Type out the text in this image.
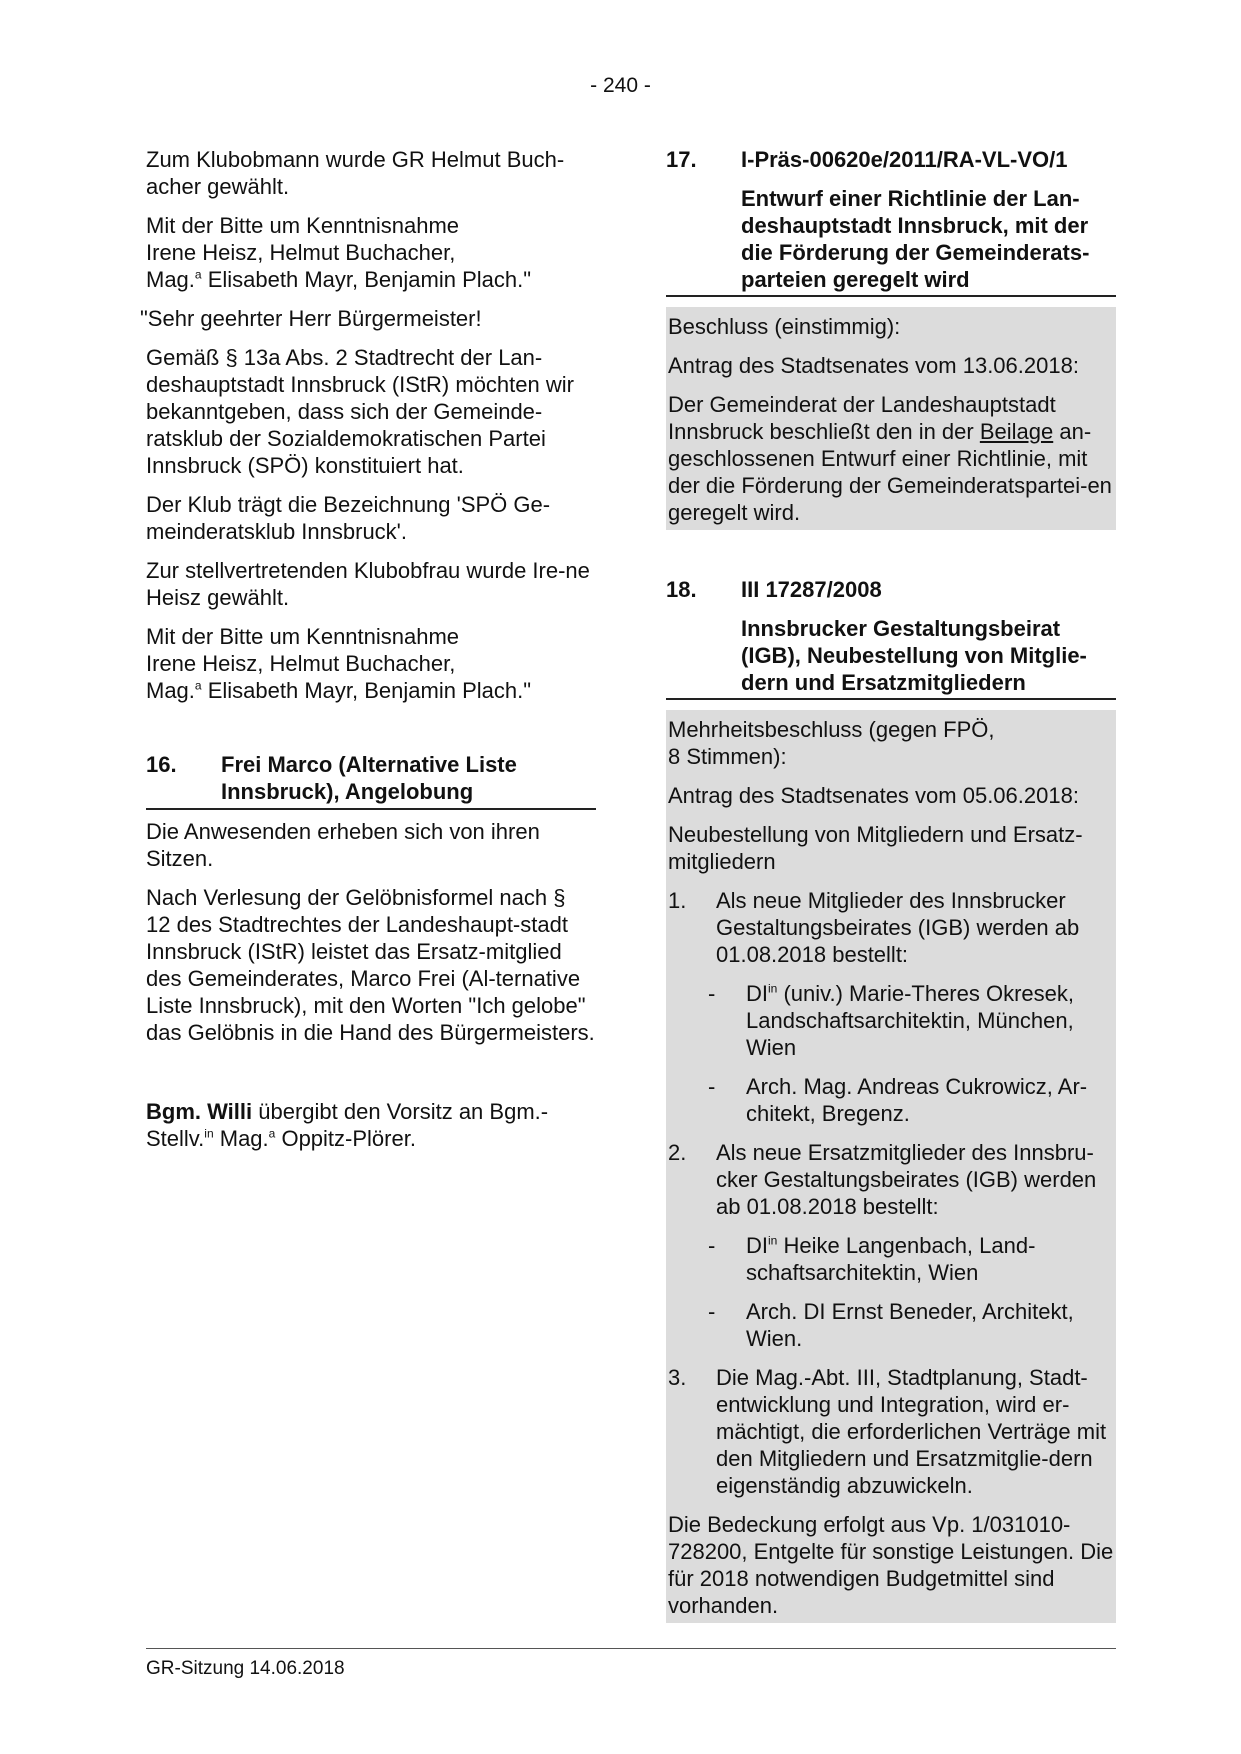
- 240 -

Zum Klubobmann wurde GR Helmut Buch-acher gewählt.

Mit der Bitte um Kenntnisnahme
Irene Heisz, Helmut Buchacher,
Mag.$^a$ Elisabeth Mayr, Benjamin Plach."

"Sehr geehrter Herr Bürgermeister!

Gemäß § 13a Abs. 2 Stadtrecht der Lan-deshauptstadt Innsbruck (IStR) möchten wir bekanntgeben, dass sich der Gemeinde-ratsklub der Sozialdemokratischen Partei Innsbruck (SPÖ) konstituiert hat.

Der Klub trägt die Bezeichnung 'SPÖ Ge-meinderatsklub Innsbruck'.

Zur stellvertretenden Klubobfrau wurde Ire-ne Heisz gewählt.

Mit der Bitte um Kenntnisnahme
Irene Heisz, Helmut Buchacher,
Mag.$^a$ Elisabeth Mayr, Benjamin Plach."
16.	Frei Marco (Alternative Liste Innsbruck), Angelobung

Die Anwesenden erheben sich von ihren Sitzen.

Nach Verlesung der Gelöbnisformel nach § 12 des Stadtrechtes der Landeshaupt-stadt Innsbruck (IStR) leistet das Ersatz-mitglied des Gemeinderates, Marco Frei (Al-ternative Liste Innsbruck), mit den Worten "Ich gelobe" das Gelöbnis in die Hand des Bürgermeisters.

Bgm. Willi übergibt den Vorsitz an Bgm.-Stellv.$^{in}$ Mag.$^a$ Oppitz-Plörer.

17.	I-Präs-00620e/2011/RA-VL-VO/1
Entwurf einer Richtlinie der Lan-deshauptstadt Innsbruck, mit der die Förderung der Gemeinderats-parteien geregelt wird

Beschluss (einstimmig):

Antrag des Stadtsenates vom 13.06.2018:

Der Gemeinderat der Landeshauptstadt Innsbruck beschließt den in der Beilage an-geschlossenen Entwurf einer Richtlinie, mit der die Förderung der Gemeinderatspartei-en geregelt wird.

18.	III 17287/2008
Innsbrucker Gestaltungsbeirat (IGB), Neubestellung von Mitglie-dern und Ersatzmitgliedern
Mehrheitsbeschluss (gegen FPÖ,
8 Stimmen):

Antrag des Stadtsenates vom 05.06.2018:

Neubestellung von Mitgliedern und Ersatz-mitgliedern

1.	Als neue Mitglieder des Innsbrucker Gestaltungsbeirates (IGB) werden ab 01.08.2018 bestellt:
-	$DI^{in}$ (univ.) Marie-Theres Okresek, Landschaftsarchitektin, München, Wien
-	Arch. Mag. Andreas Cukrowicz, Ar-chitekt, Bregenz.
2.	Als neue Ersatzmitglieder des Innsbru-cker Gestaltungsbeirates (IGB) werden ab 01.08.2018 bestellt:
-	$DI^{in}$ Heike Langenbach, Land-schaftsarchitektin, Wien
-	Arch. DI Ernst Beneder, Architekt, Wien.
3.	Die Mag.-Abt. III, Stadtplanung, Stadt-entwicklung und Integration, wird er-mächtigt, die erforderlichen Verträge mit den Mitgliedern und Ersatzmitglie-dern eigenständig abzuwickeln.

Die Bedeckung erfolgt aus Vp. 1/031010-728200, Entgelte für sonstige Leistungen. Die für 2018 notwendigen Budgetmittel sind vorhanden.

GR-Sitzung 14.06.2018
